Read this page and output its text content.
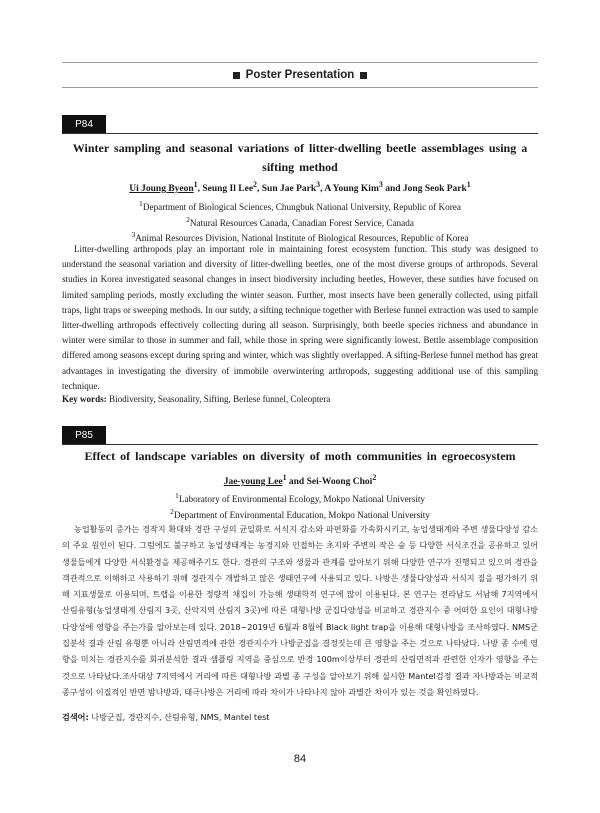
Poster Presentation
P84
Winter sampling and seasonal variations of litter-dwelling beetle assemblages using a sifting method
Ui Joung Byeon$^1$, Seung Il Lee$^2$, Sun Jae Park$^3$, A Young Kim$^3$ and Jong Seok Park$^1$
$^1$Department of Biological Sciences, Chungbuk National University, Republic of Korea
$^2$Natural Resources Canada, Canadian Forest Service, Canada
$^3$Animal Resources Division, National Institute of Biological Resources, Republic of Korea
Litter-dwelling arthropods play an important role in maintaining forest ecosystem function. This study was designed to understand the seasonal variation and diversity of litter-dwelling beetles, one of the most diverse groups of arthropods. Several studies in Korea investigated seasonal changes in insect biodiversity including beetles, However, these sutdies have focused on limited sampling periods, mostly excluding the winter season. Further, most insects have been generally collected, using pitfall traps, light traps or sweeping methods. In our sutdy, a sifting technique together with Berlese funnel extraction was used to sample litter-dwelling arthropods effectively collecting during all season. Surprisingly, both beetle species richness and abundance in winter were similar to those in summer and fall, while those in spring were significantly lowest. Bettle assemblage composition differed among seasons except during spring and winter, which was slightly overlapped. A sifting-Berlese funnel method has great advantages in investigating the diversity of immobile overwintering arthropods, suggesting additional use of this sampling technique.
Key words: Biodiversity, Seasonality, Sifting, Berlese funnel, Coleoptera
P85
Effect of landscape variables on diversity of moth communities in egroecosystem
Jae-young Lee$^1$ and Sei-Woong Choi$^2$
$^1$Laboratory of Environmental Ecology, Mokpo National University
$^2$Department of Environmental Education, Mokpo National University
농업활동의 증가는 경작지 확대와 경관 구성의 균일화로 서식지 감소와 파편화를 가속화시키고, 농업생태계와 주변 생물다양성 감소의 주요 원인이 된다. 그럼에도 불구하고 농업생태계는 농경지와 인접하는 초지와 주변의 작은 숲 등 다양한 서식조건을 공유하고 있어 생물들에게 다양한 서식환경을 제공해주기도 한다. 경관의 구조와 생물과 관계를 알아보기 위해 다양한 연구가 진행되고 있으며 경관을 객관적으로 이해하고 사용하기 위해 경관지수 개발하고 많은 생태연구에 사용되고 있다. 나방은 생물다양성과 서식지 질을 평가하기 위해 지표생물로 이용되며, 트랩을 이용한 정량적 채집이 가능해 생태학적 연구에 많이 이용된다. 본 연구는 전라남도 서남해 7지역에서 산림유형(농업생태계 산림지 3곳, 산악지역 산림지 3곳)에 따른 대형나방 군집다양성을 비교하고 경관지수 중 어떠한 요인이 대형나방 다양성에 영향을 주는가를 알아보는데 있다. 2018~2019년 6월과 8월에 Black light trap을 이용해 대형나방을 조사하였다. NMS군집분석 결과 산림 유형뿐 아니라 산림면적에 관한 경관지수가 나방군집을 결정짓는데 큰 영향을 주는 것으로 나타났다. 나방 종 수에 영향을 미치는 경관지수를 회귀분석한 결과 샘플링 지역을 중심으로 반경 100m이상부터 경관의 산림면적과 관련한 인자가 영향을 주는 것으로 나타났다.조사대상 7지역에서 거리에 따른 대형나방 과별 종 구성을 알아보기 위해 실시한 Mantel검정 결과 자나방과는 비교적 종구성이 이질적인 반면 밤나방과, 태극나방은 거리에 따라 차이가 나타나지 않아 과별간 차이가 있는 것을 확인하였다.
검색어: 나방군집, 경관지수, 산림유형, NMS, Mantel test
84
